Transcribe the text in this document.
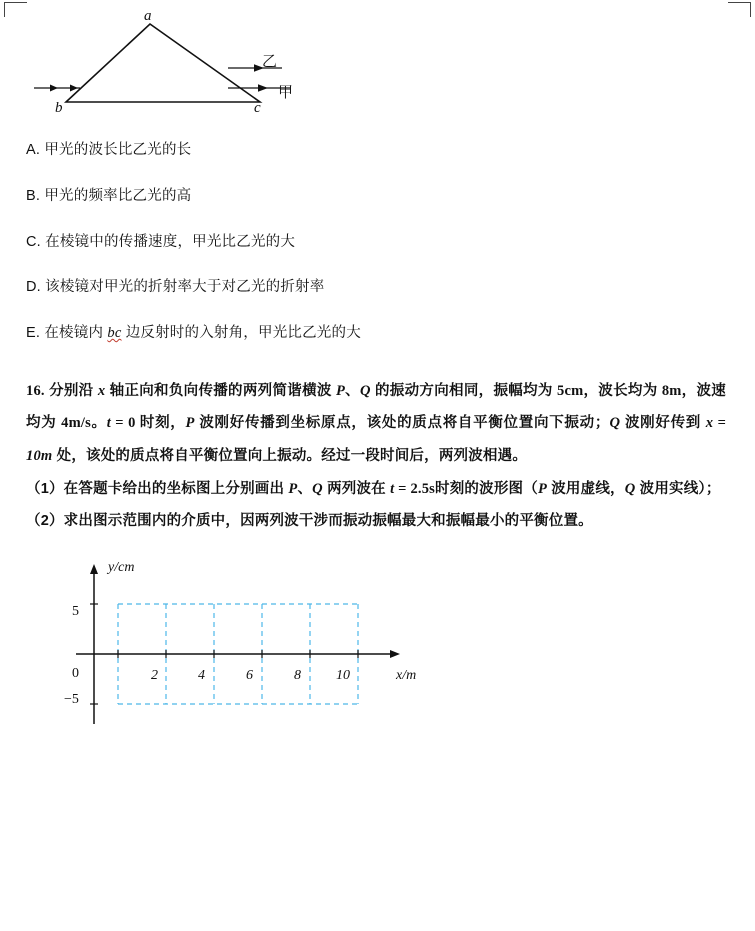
a
b	c
乙
甲

A. 甲光的波长比乙光的长

B. 甲光的频率比乙光的高

C. 在棱镜中的传播速度，甲光比乙光的大

D. 该棱镜对甲光的折射率大于对乙光的折射率

E. 在棱镜内 bc 边反射时的入射角，甲光比乙光的大

16. 分别沿 x 轴正向和负向传播的两列简谐横波 P、Q 的振动方向相同，振幅均为 5cm，波长均为 8m，波速均为 4m/s。t = 0 时刻，P 波刚好传播到坐标原点，该处的质点将自平衡位置向下振动；Q 波刚好传到 x = 10m 处，该处的质点将自平衡位置向上振动。经过一段时间后，两列波相遇。

（1）在答题卡给出的坐标图上分别画出 P、Q 两列波在 t = 2.5s时刻的波形图（P 波用虚线，Q 波用实线）；

（2）求出图示范围内的介质中，因两列波干涉而振动振幅最大和振幅最小的平衡位置。

y/cm
5
0
−5
x/m
2	4	6	8	10
